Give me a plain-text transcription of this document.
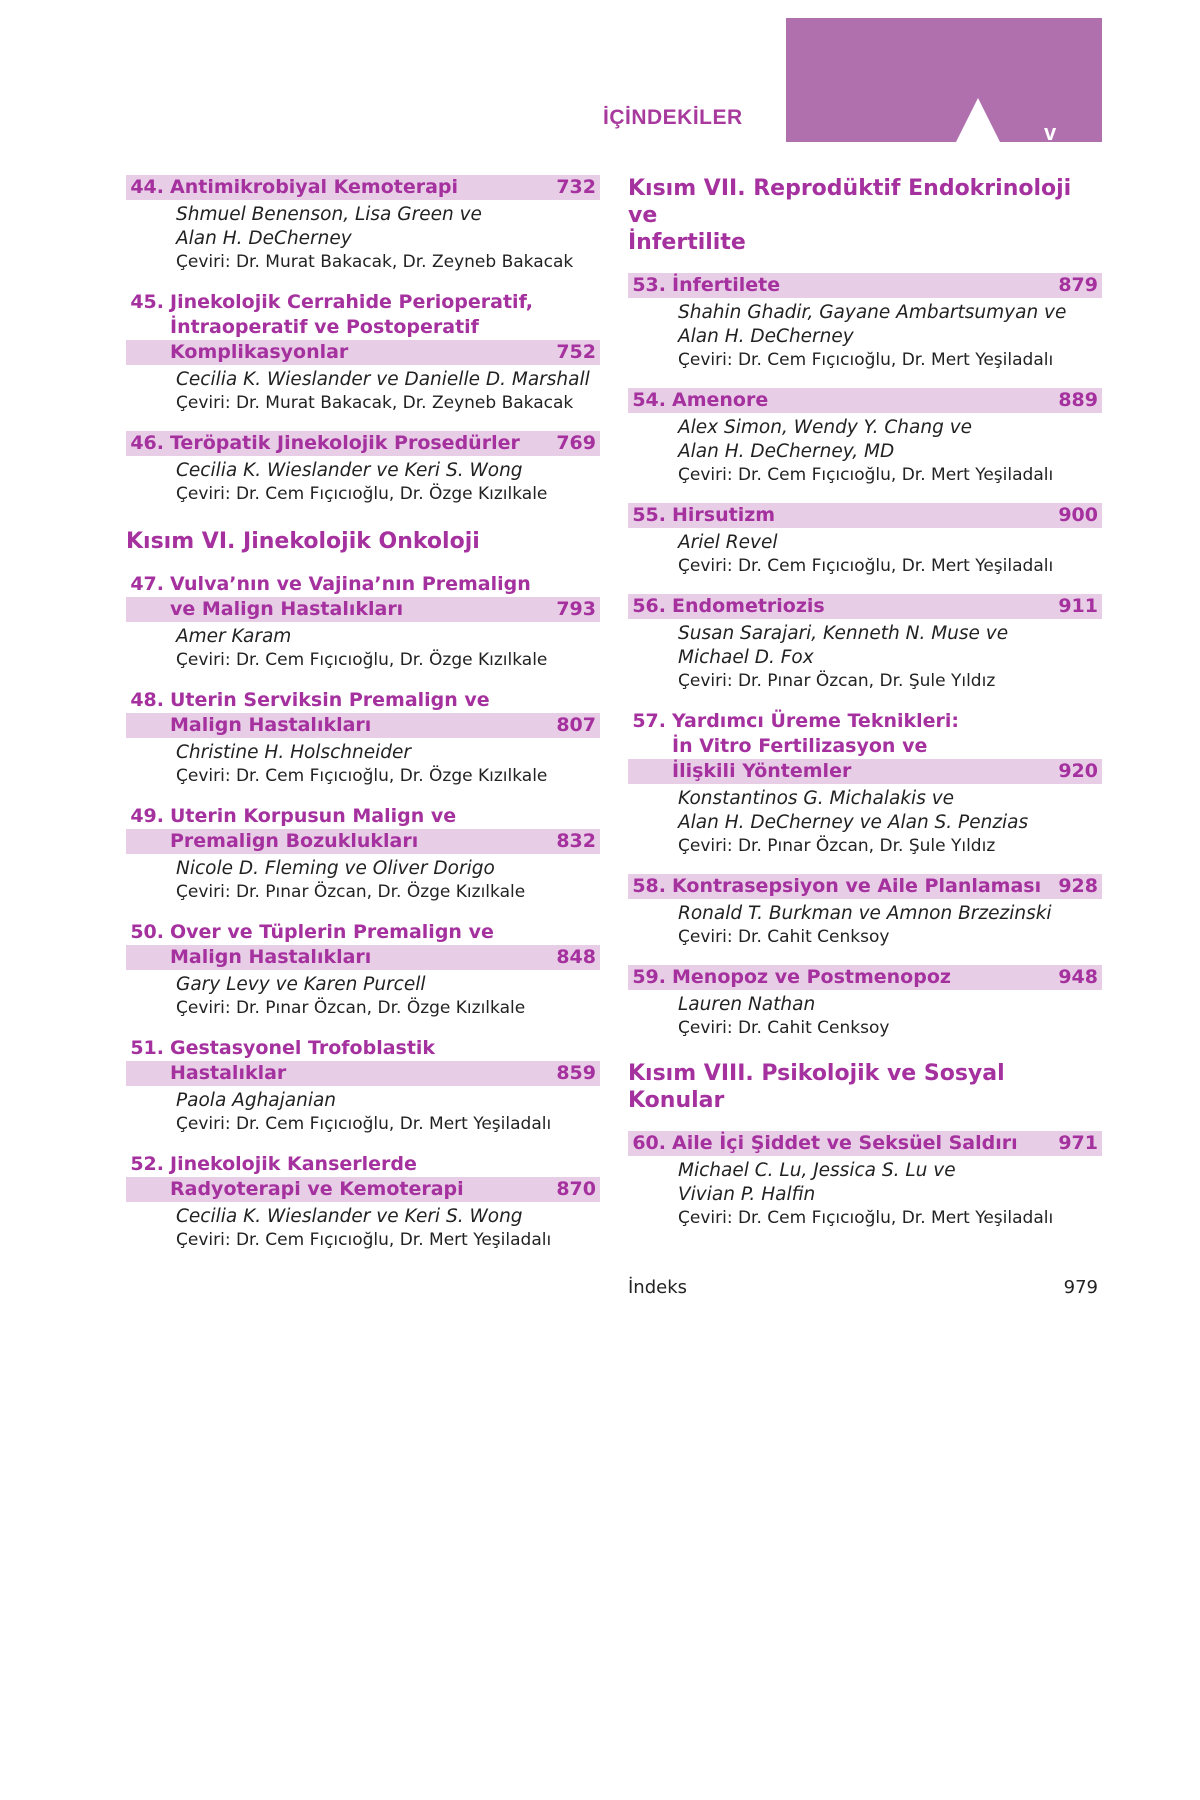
v
İÇİNDEKİLER
44. Antimikrobiyal Kemoterapi	732
Shmuel Benenson, Lisa Green ve
Alan H. DeCherney
Çeviri: Dr. Murat Bakacak, Dr. Zeyneb Bakacak
45. Jinekolojik Cerrahide Perioperatif,
İntraoperatif ve Postoperatif
Komplikasyonlar	752
Cecilia K. Wieslander ve Danielle D. Marshall
Çeviri: Dr. Murat Bakacak, Dr. Zeyneb Bakacak
46. Teröpatik Jinekolojik Prosedürler	769
Cecilia K. Wieslander ve Keri S. Wong
Çeviri: Dr. Cem Fıçıcıoğlu, Dr. Özge Kızılkale
Kısım VI. Jinekolojik Onkoloji
47. Vulva’nın ve Vajina’nın Premalign
ve Malign Hastalıkları	793
Amer Karam
Çeviri: Dr. Cem Fıçıcıoğlu, Dr. Özge Kızılkale
48. Uterin Serviksin Premalign ve
Malign Hastalıkları	807
Christine H. Holschneider
Çeviri: Dr. Cem Fıçıcıoğlu, Dr. Özge Kızılkale
49. Uterin Korpusun Malign ve
Premalign Bozuklukları	832
Nicole D. Fleming ve Oliver Dorigo
Çeviri: Dr. Pınar Özcan, Dr. Özge Kızılkale
50. Over ve Tüplerin Premalign ve
Malign Hastalıkları	848
Gary Levy ve Karen Purcell
Çeviri: Dr. Pınar Özcan, Dr. Özge Kızılkale
51. Gestasyonel Trofoblastik
Hastalıklar	859
Paola Aghajanian
Çeviri: Dr. Cem Fıçıcıoğlu, Dr. Mert Yeşiladalı
52. Jinekolojik Kanserlerde
Radyoterapi ve Kemoterapi	870
Cecilia K. Wieslander ve Keri S. Wong
Çeviri: Dr. Cem Fıçıcıoğlu, Dr. Mert Yeşiladalı
Kısım VII. Reprodüktif Endokrinoloji ve
İnfertilite
53. İnfertilete	879
Shahin Ghadir, Gayane Ambartsumyan ve
Alan H. DeCherney
Çeviri: Dr. Cem Fıçıcıoğlu, Dr. Mert Yeşiladalı
54. Amenore	889
Alex Simon, Wendy Y. Chang ve
Alan H. DeCherney, MD
Çeviri: Dr. Cem Fıçıcıoğlu, Dr. Mert Yeşiladalı
55. Hirsutizm	900
Ariel Revel
Çeviri: Dr. Cem Fıçıcıoğlu, Dr. Mert Yeşiladalı
56. Endometriozis	911
Susan Sarajari, Kenneth N. Muse ve
Michael D. Fox
Çeviri: Dr. Pınar Özcan, Dr. Şule Yıldız
57. Yardımcı Üreme Teknikleri:
İn Vitro Fertilizasyon ve
İlişkili Yöntemler	920
Konstantinos G. Michalakis ve
Alan H. DeCherney ve Alan S. Penzias
Çeviri: Dr. Pınar Özcan, Dr. Şule Yıldız
58. Kontrasepsiyon ve Aile Planlaması 928
Ronald T. Burkman ve Amnon Brzezinski
Çeviri: Dr. Cahit Cenksoy
59. Menopoz ve Postmenopoz	948
Lauren Nathan
Çeviri: Dr. Cahit Cenksoy
Kısım VIII. Psikolojik ve Sosyal Konular
60. Aile İçi Şiddet ve Seksüel Saldırı	971
Michael C. Lu, Jessica S. Lu ve
Vivian P. Halfin
Çeviri: Dr. Cem Fıçıcıoğlu, Dr. Mert Yeşiladalı
İndeks	979
